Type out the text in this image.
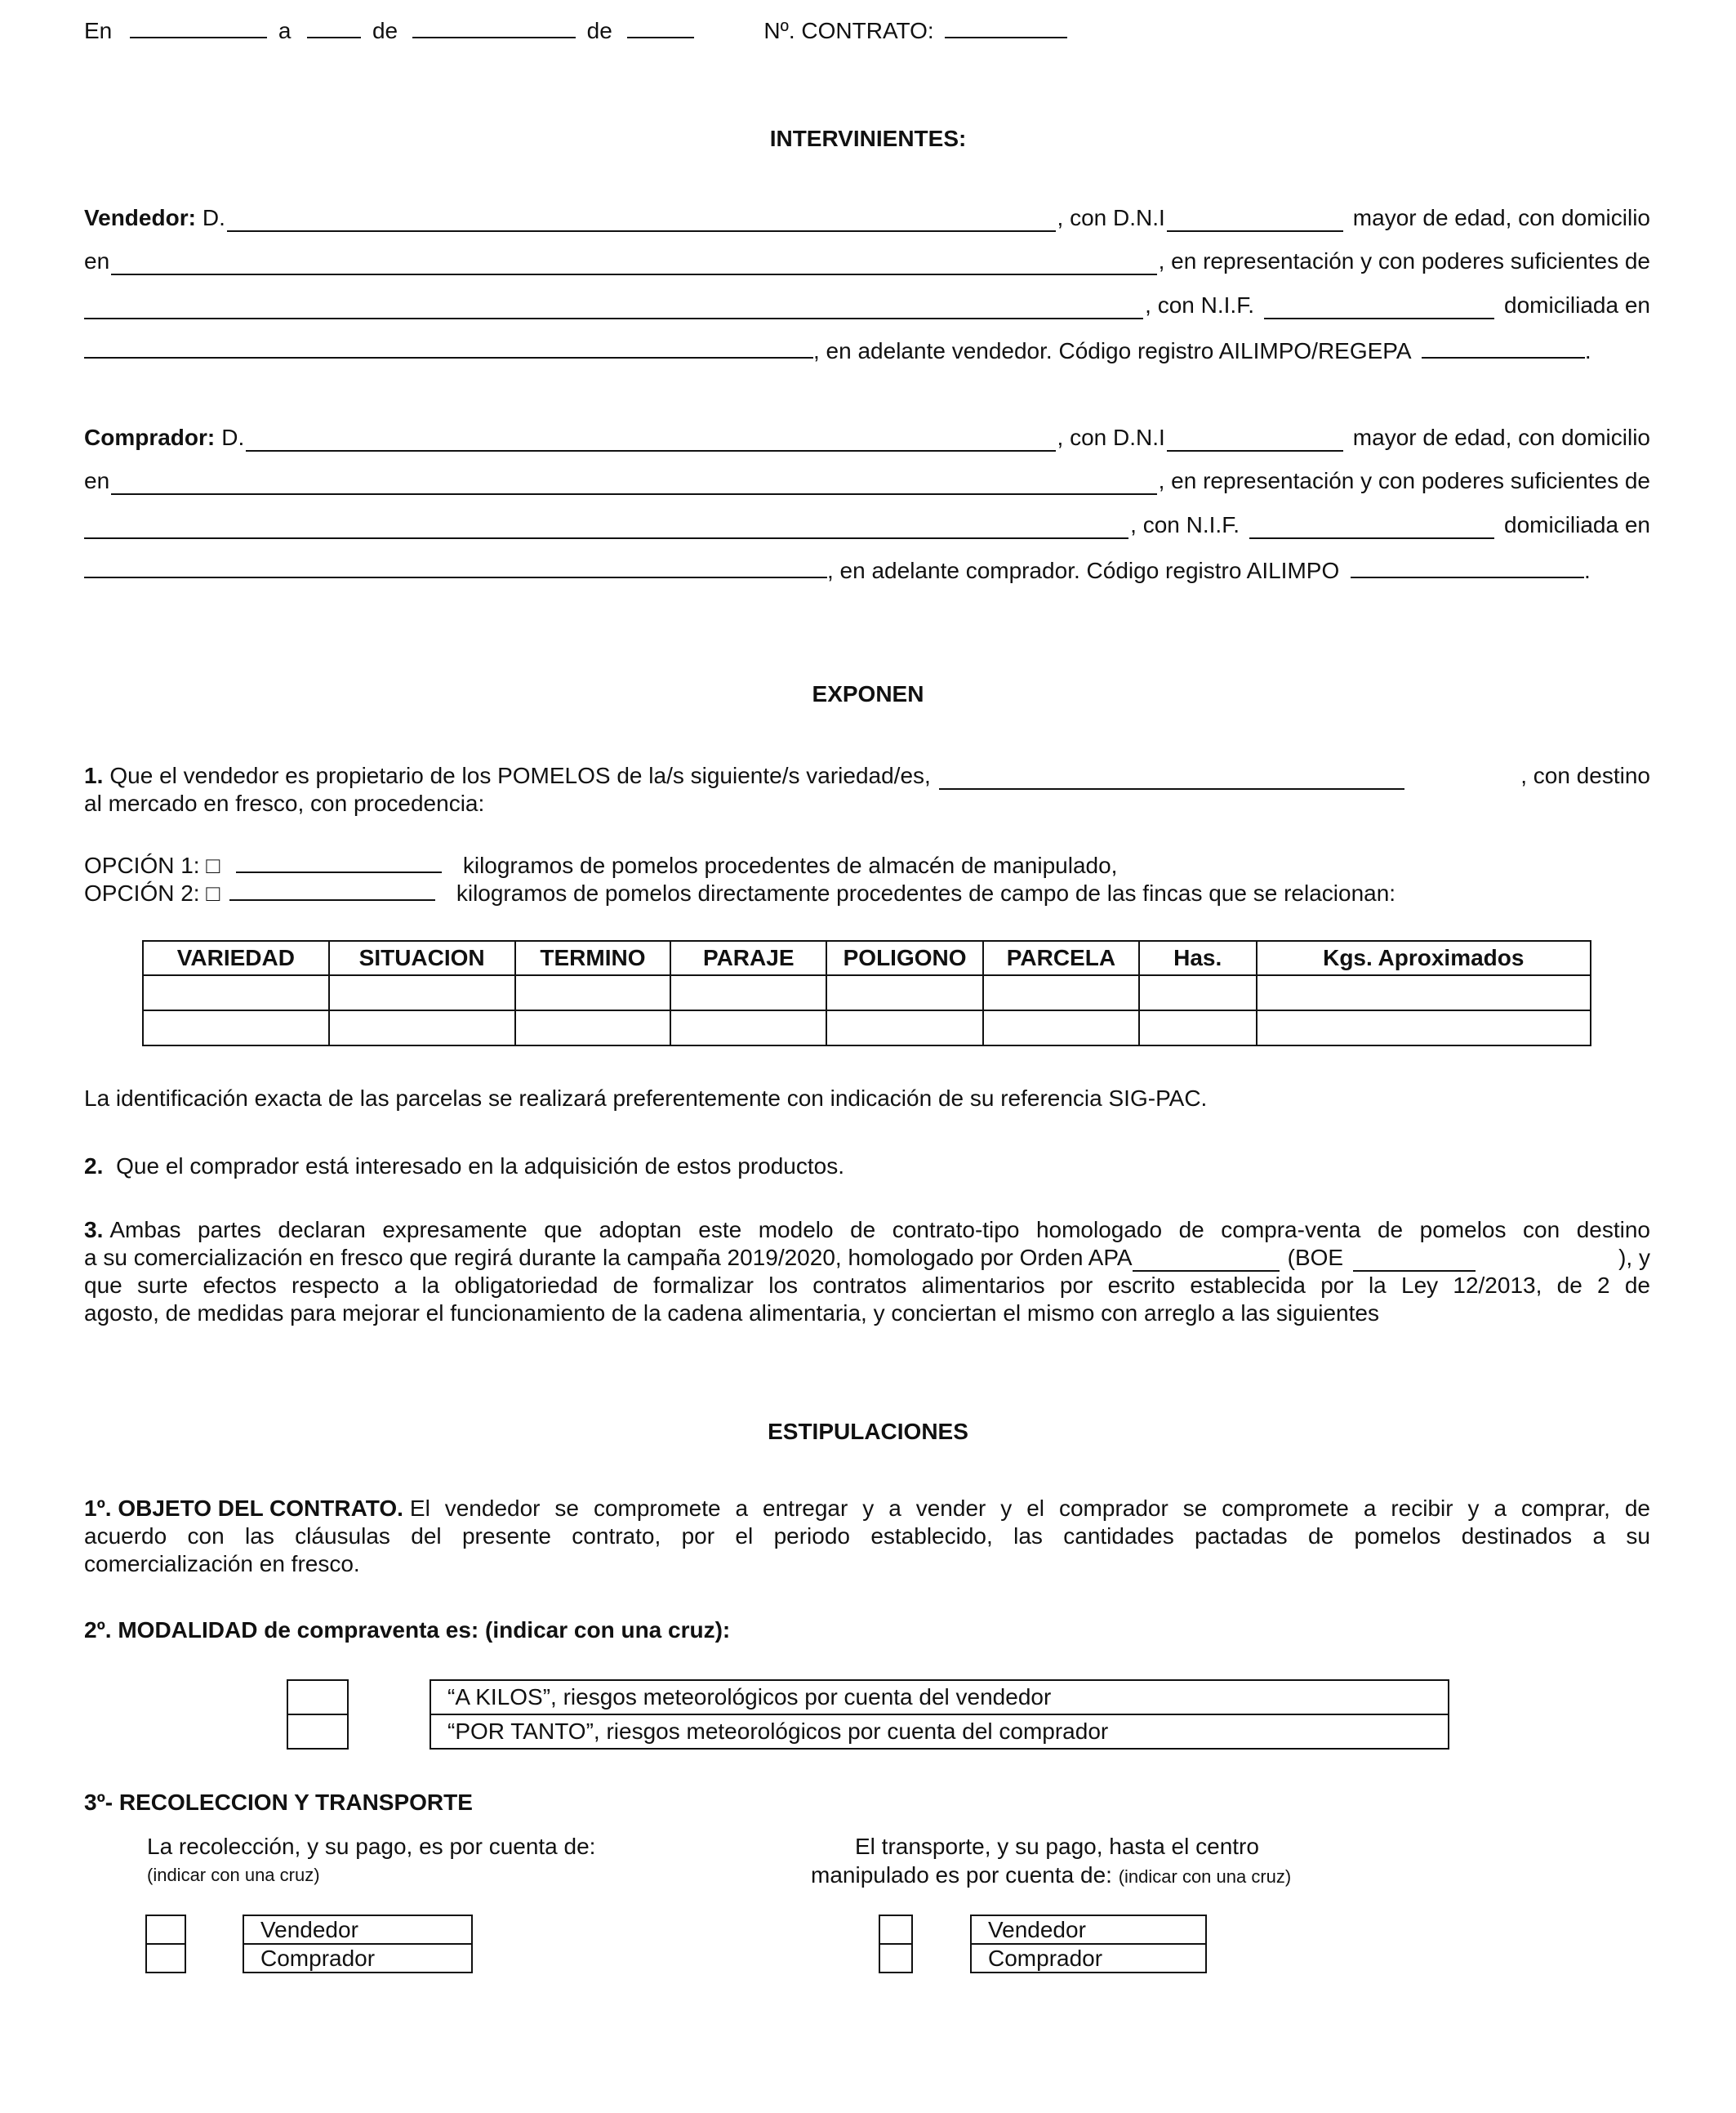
En	a	de	de	Nº. CONTRATO:
INTERVINIENTES:
Vendedor: D.	, con D.N.I	mayor de edad, con domicilio
en	, en representación y con poderes suficientes de
, con N.I.F.	domiciliada en
, en adelante vendedor. Código registro AILIMPO/REGEPA	.
Comprador: D.	, con D.N.I	mayor de edad, con domicilio
en	, en representación y con poderes suficientes de
, con N.I.F.	domiciliada en
, en adelante comprador. Código registro AILIMPO	.
EXPONEN
1. Que el vendedor es propietario de los POMELOS de la/s siguiente/s variedad/es,	, con destino
al mercado en fresco, con procedencia:
OPCIÓN 1: □	kilogramos de pomelos procedentes de almacén de manipulado,
OPCIÓN 2: □	kilogramos de pomelos directamente procedentes de campo de las fincas que se relacionan:
VARIEDAD	SITUACION	TERMINO	PARAJE	POLIGONO	PARCELA	Has.	Kgs. Aproximados

La identificación exacta de las parcelas se realizará preferentemente con indicación de su referencia SIG-PAC.
2. Que el comprador está interesado en la adquisición de estos productos.
3. Ambas partes declaran expresamente que adoptan este modelo de contrato-tipo homologado de compra-venta de pomelos con destino
a su comercialización en fresco que regirá durante la campaña 2019/2020, homologado por Orden APA	(BOE	), y
que surte efectos respecto a la obligatoriedad de formalizar los contratos alimentarios por escrito establecida por la Ley 12/2013, de 2 de
agosto, de medidas para mejorar el funcionamiento de la cadena alimentaria, y conciertan el mismo con arreglo a las siguientes
ESTIPULACIONES
1º. OBJETO DEL CONTRATO. El vendedor se compromete a entregar y a vender y el comprador se compromete a recibir y a comprar, de
acuerdo con las cláusulas del presente contrato, por el periodo establecido, las cantidades pactadas de pomelos destinados a su
comercialización en fresco.
2º. MODALIDAD de compraventa es: (indicar con una cruz):
“A KILOS”, riesgos meteorológicos por cuenta del vendedor
“POR TANTO”, riesgos meteorológicos por cuenta del comprador
3º- RECOLECCION Y TRANSPORTE
La recolección, y su pago, es por cuenta de:
(indicar con una cruz)
Vendedor
Comprador
El transporte, y su pago, hasta el centro
manipulado es por cuenta de: (indicar con una cruz)
Vendedor
Comprador
